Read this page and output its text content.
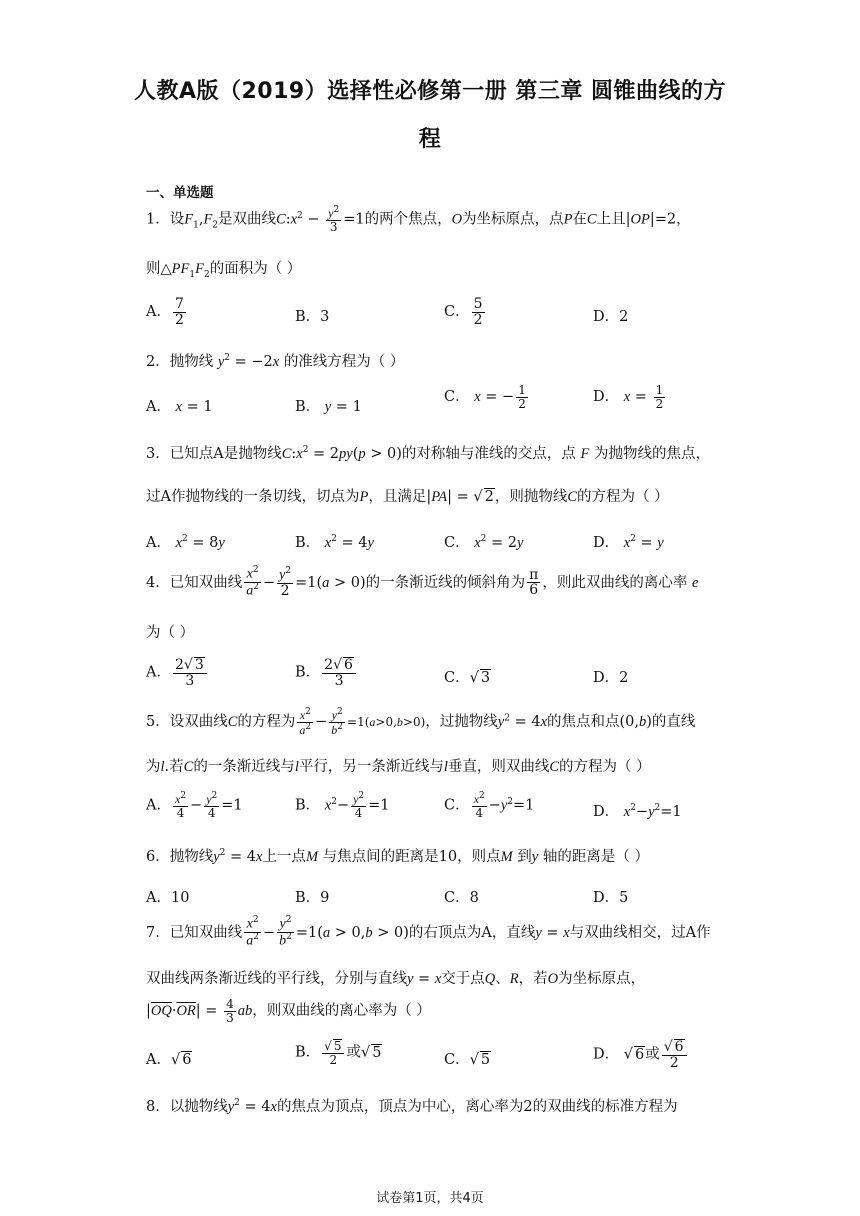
人教A版（2019）选择性必修第一册 第三章 圆锥曲线的方
程
一、单选题
1．设$F_1,F_2$是双曲线$C:x^2 - \frac{y^2}{3} =1$的两个焦点，O为坐标原点，点P在C上且|OP|=2，
则$\triangle PF_1F_2$的面积为（ ）
A． $\frac{7}{2}$	B．3	C． $\frac{5}{2}$	D．2
2．抛物线 $y^2 = -2x$ 的准线方程为（ ）
A． x = 1	B． y = 1
C． x = − $\frac{1}{2}$	D． $x = \frac{1}{2}$
3．已知点A是抛物线$C:x^2 = 2py(p > 0)$的对称轴与准线的交点，点 F 为抛物线的焦点，
过A作抛物线的一条切线，切点为P，且满足|PA| = √ 2，则抛物线C的方程为（ ）
A． $x^2 = 8y$	B． $x^2 = 4y$	C． $x^2 = 2y$	D． $x^2 = y$
4．已知双曲线 $\frac{x^2}{a^2} - \frac{y^2}{2} =1(a > 0)$的一条渐近线的倾斜角为 $\frac{\pi}{6}$ ，则此双曲线的离心率 e
为（ ）
A． $\frac{2√ 3}{3}$	B． $\frac{2√ 6}{3}$	C．√ 3	D．2
5．设双曲线C的方程为 $\frac{x^2}{a^2} - \frac{y^2}{b^2} =1(a>0,b>0)$，过抛物线$y^2 = 4x$的焦点和点(0,b)的直线
为l.若C的一条渐近线与l平行，另一条渐近线与l垂直，则双曲线C的方程为（ ）
A． $\frac{x^2}{4} - \frac{y^2}{4} =1$	B． $x^2- \frac{y^2}{4} =1$	C． $\frac{x^2}{4} -y^2=1$	D． $x^2-y^2=1$
6．抛物线$y^2 = 4x$上一点M 与焦点间的距离是10，则点M 到y 轴的距离是（ ）
A．10	B．9	C．8	D．5
7．已知双曲线 $\frac{x^2}{a^2} - \frac{y^2}{b^2} =1(a > 0,b > 0)$的右顶点为A，直线y = x与双曲线相交，过A作
双曲线两条渐近线的平行线，分别与直线y = x交于点Q、R，若O为坐标原点，
$|\overline{OQ}\cdot\overline{OR}| = \frac{4}{3}$ ab，则双曲线的离心率为（ ）
A．√ 6	B． $\frac{√ 5}{2}$ 或√ 5	C．√ 5	D． √ 6或 $\frac{√ 6}{2}$
8．以抛物线$y^2 = 4x$的焦点为顶点，顶点为中心，离心率为2的双曲线的标准方程为
试卷第1页，共4页
